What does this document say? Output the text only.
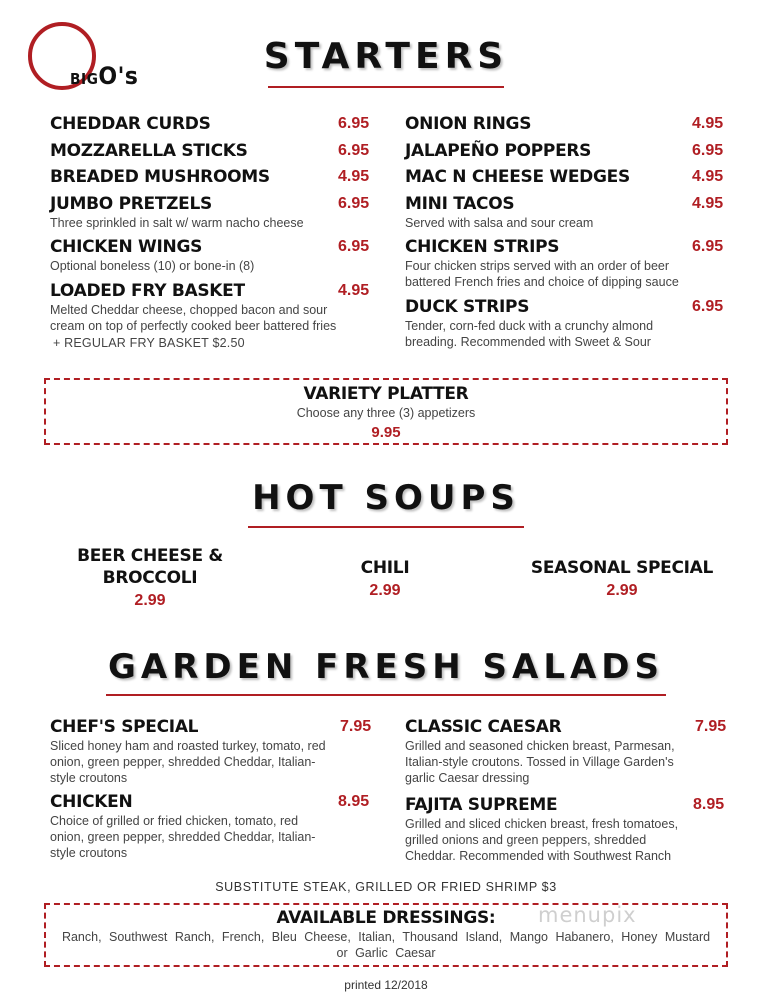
BIGO's	STARTERS
CHEDDAR CURDS	6.95
MOZZARELLA STICKS	6.95
BREADED MUSHROOMS	4.95
JUMBO PRETZELS	6.95
Three sprinkled in salt w/ warm nacho cheese
CHICKEN WINGS	6.95
Optional boneless (10) or bone-in (8)
LOADED FRY BASKET	4.95
Melted Cheddar cheese, chopped bacon and sour cream on top of perfectly cooked beer battered fries
+ REGULAR FRY BASKET $2.50
ONION RINGS	4.95
JALAPEÑO POPPERS	6.95
MAC N CHEESE WEDGES	4.95
MINI TACOS	4.95
Served with salsa and sour cream
CHICKEN STRIPS	6.95
Four chicken strips served with an order of beer battered French fries and choice of dipping sauce
DUCK STRIPS	6.95
Tender, corn-fed duck with a crunchy almond breading. Recommended with Sweet & Sour
VARIETY PLATTER
Choose any three (3) appetizers
9.95
HOT SOUPS
BEER CHEESE & BROCCOLI
2.99
CHILI
2.99
SEASONAL SPECIAL
2.99
GARDEN FRESH SALADS
CHEF'S SPECIAL	7.95
Sliced honey ham and roasted turkey, tomato, red onion, green pepper, shredded Cheddar, Italian-style croutons
CHICKEN	8.95
Choice of grilled or fried chicken, tomato, red onion, green pepper, shredded Cheddar, Italian-style croutons
CLASSIC CAESAR	7.95
Grilled and seasoned chicken breast, Parmesan, Italian-style croutons. Tossed in Village Garden's garlic Caesar dressing
FAJITA SUPREME	8.95
Grilled and sliced chicken breast, fresh tomatoes, grilled onions and green peppers, shredded Cheddar. Recommended with Southwest Ranch
SUBSTITUTE STEAK, GRILLED OR FRIED SHRIMP $3
AVAILABLE DRESSINGS:
Ranch, Southwest Ranch, French, Bleu Cheese, Italian, Thousand Island, Mango Habanero, Honey Mustard or Garlic Caesar
menupix
printed 12/2018
